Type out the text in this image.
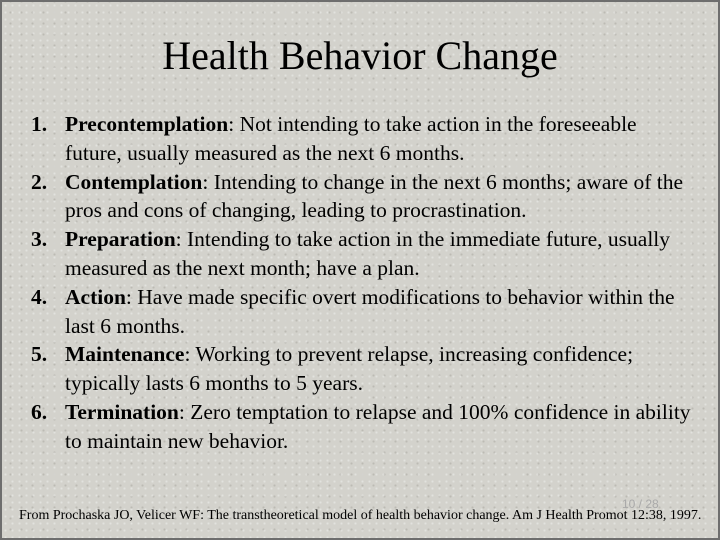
Health Behavior Change
1. Precontemplation: Not intending to take action in the foreseeable future, usually measured as the next 6 months.
2. Contemplation: Intending to change in the next 6 months; aware of the pros and cons of changing, leading to procrastination.
3. Preparation: Intending to take action in the immediate future, usually measured as the next month; have a plan.
4. Action: Have made specific overt modifications to behavior within the last 6 months.
5. Maintenance: Working to prevent relapse, increasing confidence; typically lasts 6 months to 5 years.
6. Termination: Zero temptation to relapse and 100% confidence in ability to maintain new behavior.
10 / 28
From Prochaska JO, Velicer WF: The transtheoretical model of health behavior change. Am J Health Promot 12:38, 1997.
